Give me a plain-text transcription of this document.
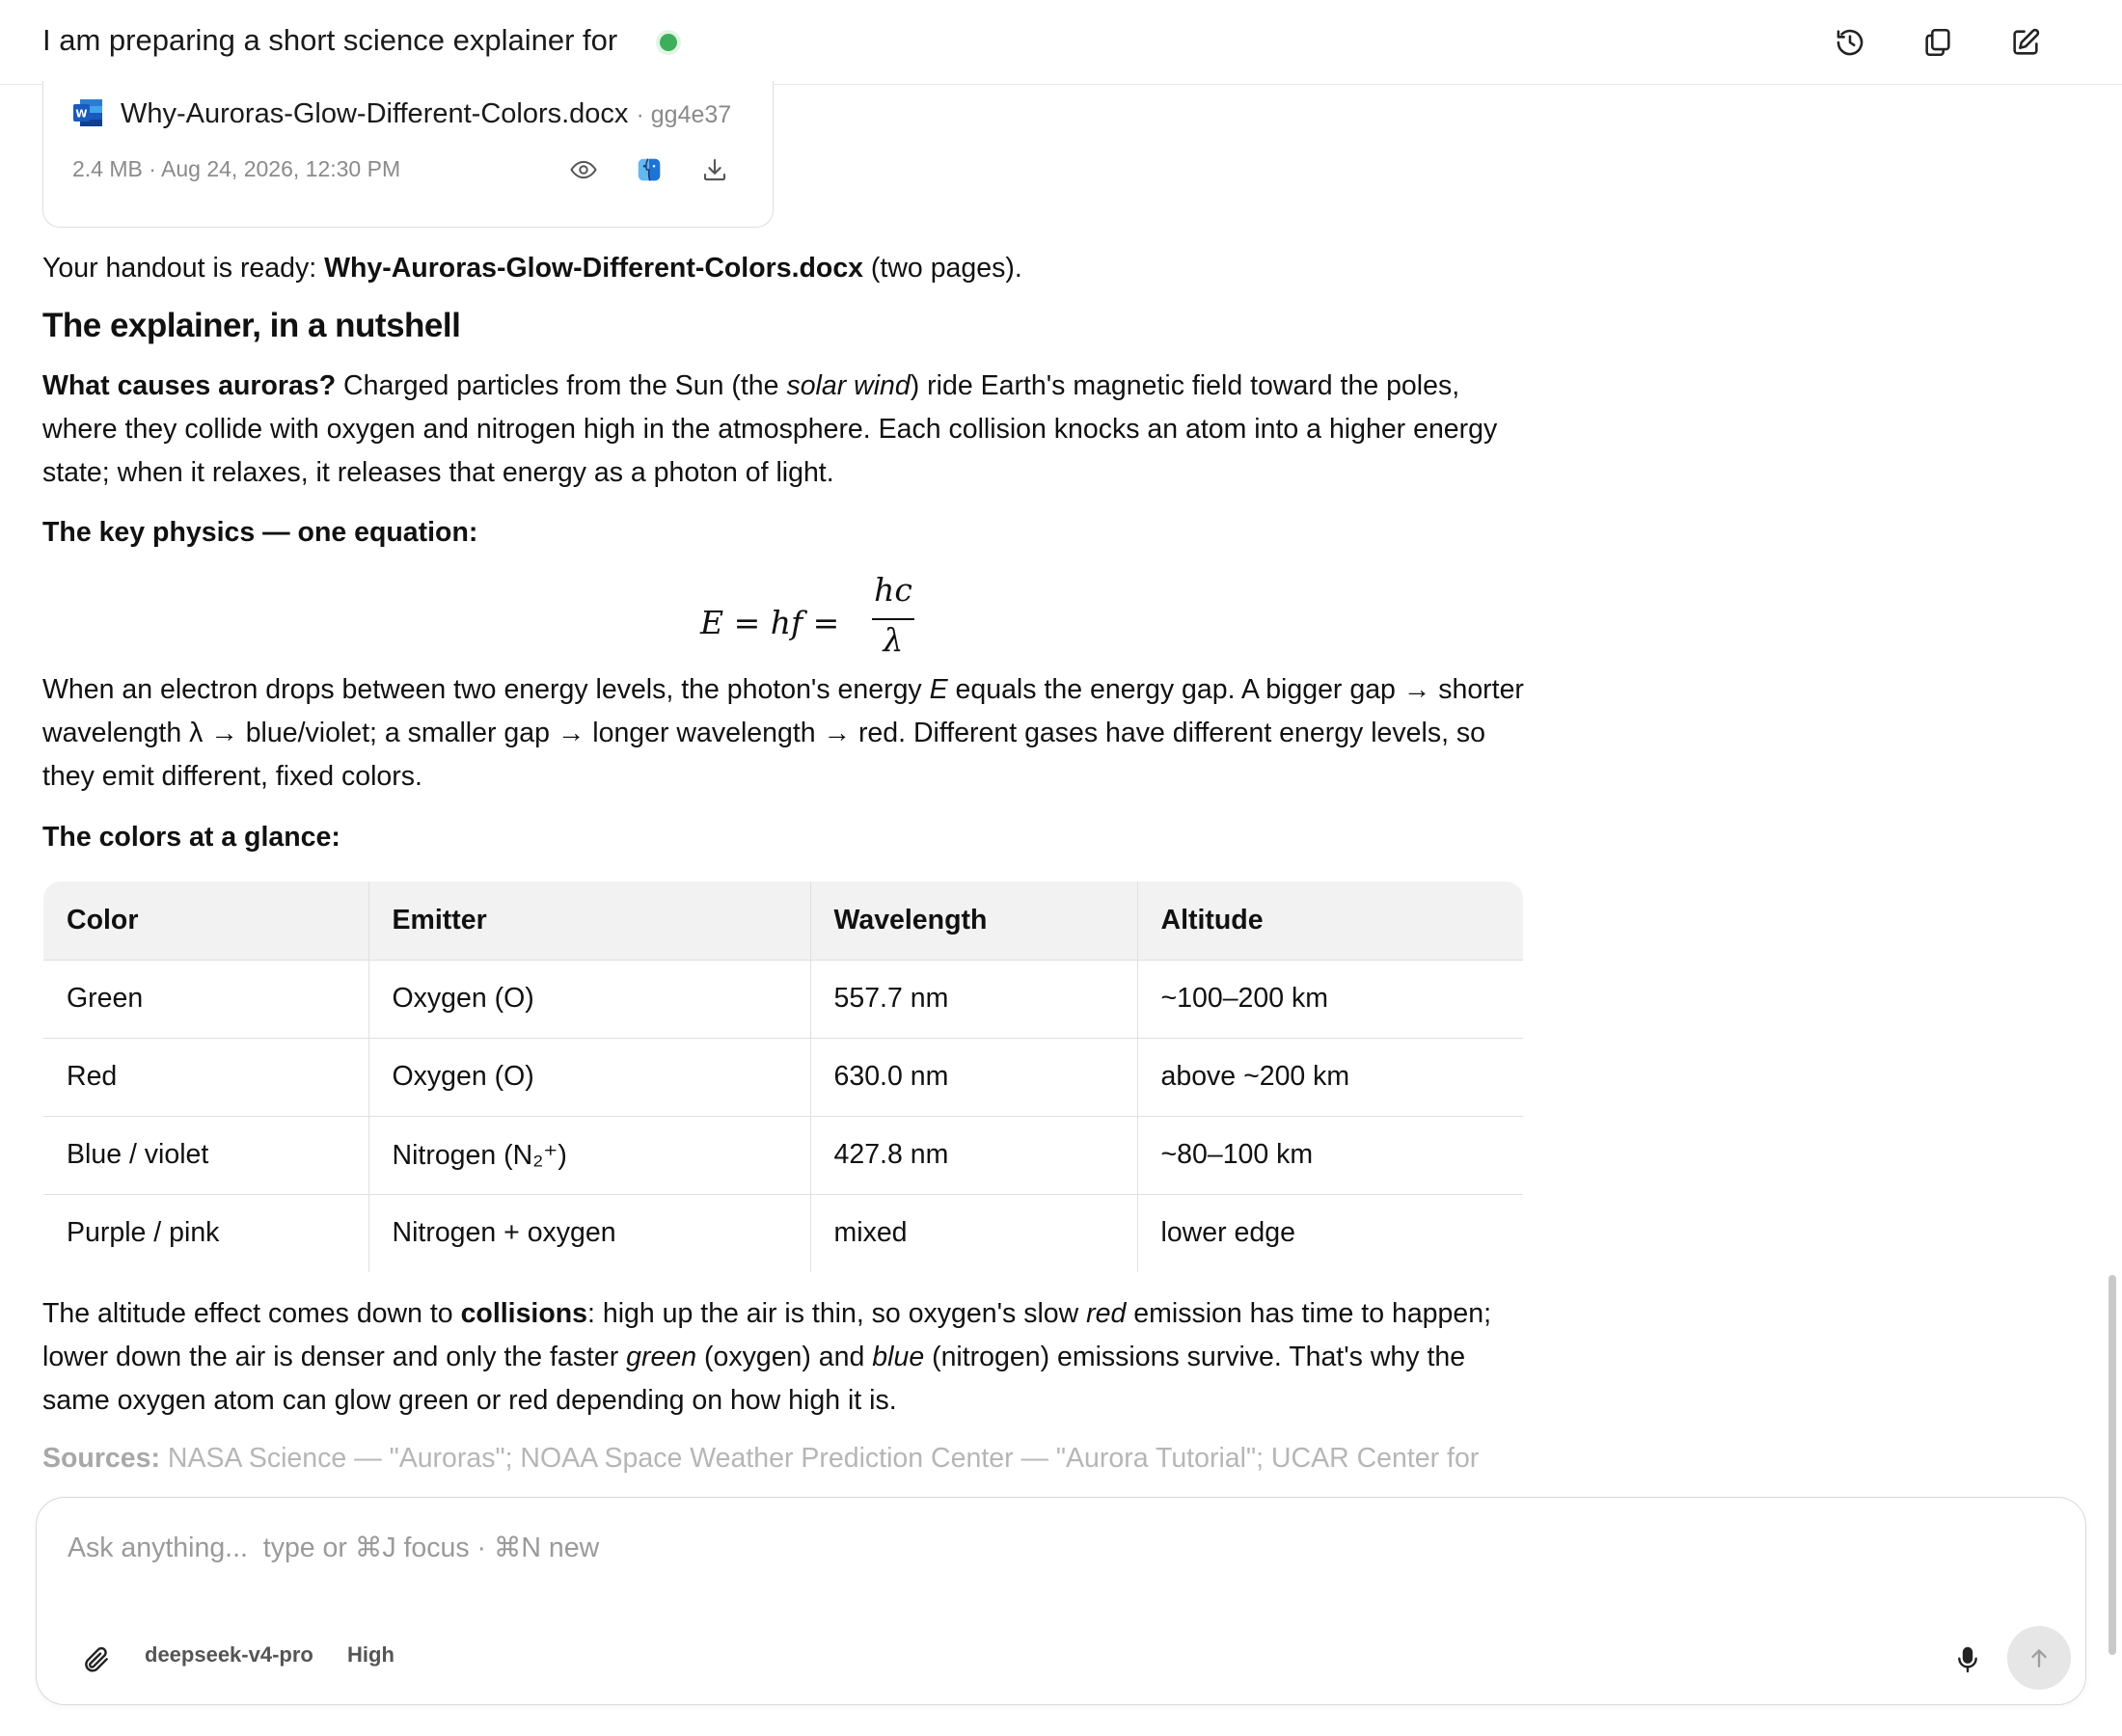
I am preparing a short science explainer for
W Why-Auroras-Glow-Different-Colors.docx · gg4e37
2.4 MB · Aug 24, 2026, 12:30 PM
Your handout is ready: Why-Auroras-Glow-Different-Colors.docx (two pages).
The explainer, in a nutshell
What causes auroras? Charged particles from the Sun (the solar wind) ride Earth's magnetic field toward the poles, where they collide with oxygen and nitrogen high in the atmosphere. Each collision knocks an atom into a higher energy state; when it relaxes, it releases that energy as a photon of light.
The key physics — one equation:
E = hf =
hc
λ
When an electron drops between two energy levels, the photon's energy E equals the energy gap. A bigger gap → shorter wavelength λ → blue/violet; a smaller gap → longer wavelength → red. Different gases have different energy levels, so they emit different, fixed colors.
The colors at a glance:
Color	Emitter	Wavelength	Altitude
Green	Oxygen (O)	557.7 nm	~100–200 km
Red	Oxygen (O)	630.0 nm	above ~200 km
Blue / violet	Nitrogen (N₂⁺)	427.8 nm	~80–100 km
Purple / pink	Nitrogen + oxygen	mixed	lower edge
The altitude effect comes down to collisions: high up the air is thin, so oxygen's slow red emission has time to happen; lower down the air is denser and only the faster green (oxygen) and blue (nitrogen) emissions survive. That's why the same oxygen atom can glow green or red depending on how high it is.
Sources: NASA Science — "Auroras"; NOAA Space Weather Prediction Center — "Aurora Tutorial"; UCAR Center for
Ask anything... type or ⌘J focus · ⌘N new
deepseek-v4-pro High
